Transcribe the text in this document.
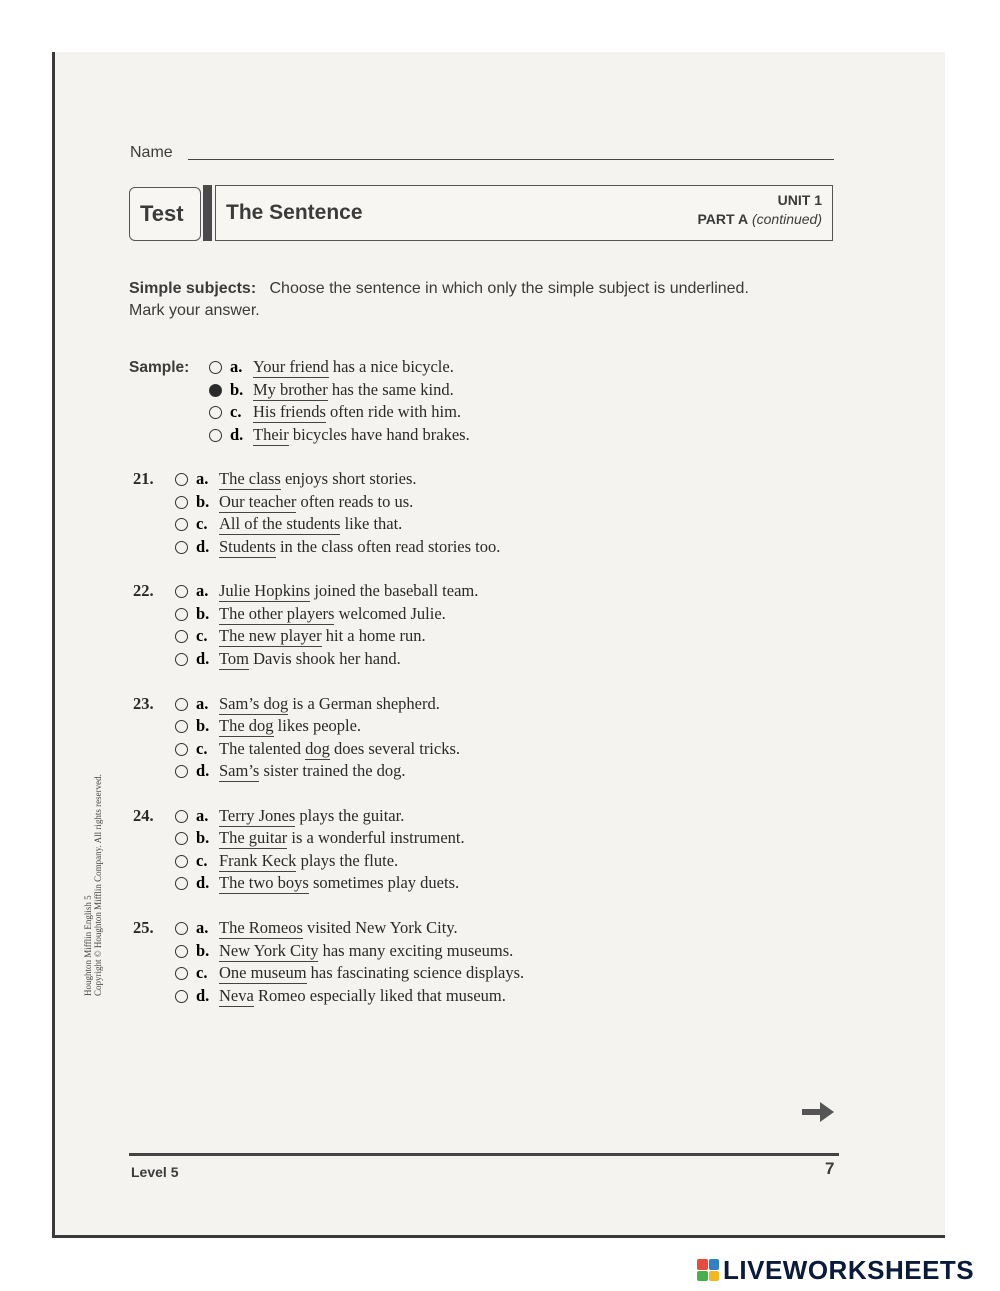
Name
Test The Sentence
UNIT 1
PART A (continued)
Simple subjects: Choose the sentence in which only the simple subject is underlined. Mark your answer.
Sample: a. Your friend has a nice bicycle.
b. My brother has the same kind.
c. His friends often ride with him.
d. Their bicycles have hand brakes.
21.	a. The class enjoys short stories.
b. Our teacher often reads to us.
c. All of the students like that.
d. Students in the class often read stories too.
22.	a. Julie Hopkins joined the baseball team.
b. The other players welcomed Julie.
c. The new player hit a home run.
d. Tom Davis shook her hand.
23.	a. Sam’s dog is a German shepherd.
b. The dog likes people.
c. The talented dog does several tricks.
d. Sam’s sister trained the dog.
24.	a. Terry Jones plays the guitar.
b. The guitar is a wonderful instrument.
c. Frank Keck plays the flute.
d. The two boys sometimes play duets.
25.	a. The Romeos visited New York City.
b. New York City has many exciting museums.
c. One museum has fascinating science displays.
d. Neva Romeo especially liked that museum.
Houghton Mifflin English 5 Copyright © Houghton Mifflin Company. All rights reserved.
Level 5	7
LIVEWORKSHEETS
